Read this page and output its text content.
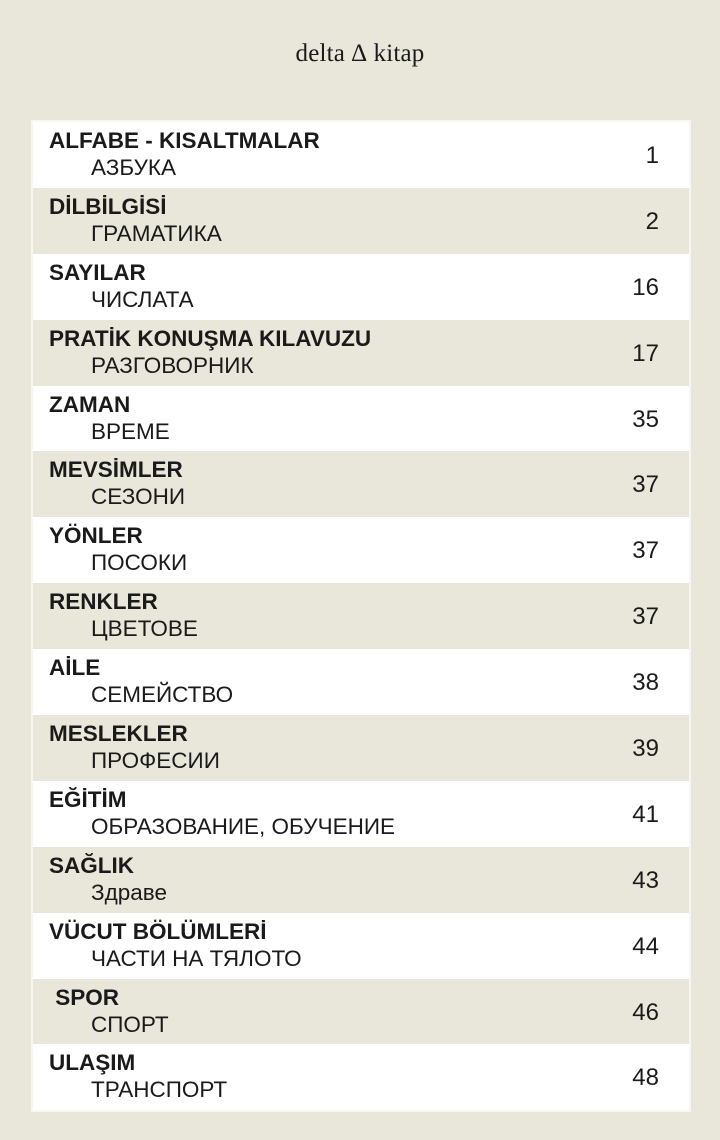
delta ∆ kitap
ALFABE - KISALTMALAR
АЗБУКА	1
DİLBİLGİSİ
ГРАМАТИКА	2
SAYILAR
ЧИСЛАТА	16
PRATİK KONUŞMA KILAVUZU
РАЗГОВОРНИК	17
ZAMAN
ВРЕМЕ	35
MEVSİMLER
СЕЗОНИ	37
YÖNLER
ПОСОКИ	37
RENKLER
ЦВЕТОВЕ	37
AİLE
СЕМЕЙСТВО	38
MESLEKLER
ПРОФЕСИИ	39
EĞİTİM
ОБРАЗОВАНИЕ, ОБУЧЕНИЕ	41
SAĞLIK
Здраве	43
VÜCUT BÖLÜMLERİ
ЧАСТИ НА ТЯЛОТО	44
SPOR
СПОРТ	46
ULAŞIM
ТРАНСПОРТ	48
